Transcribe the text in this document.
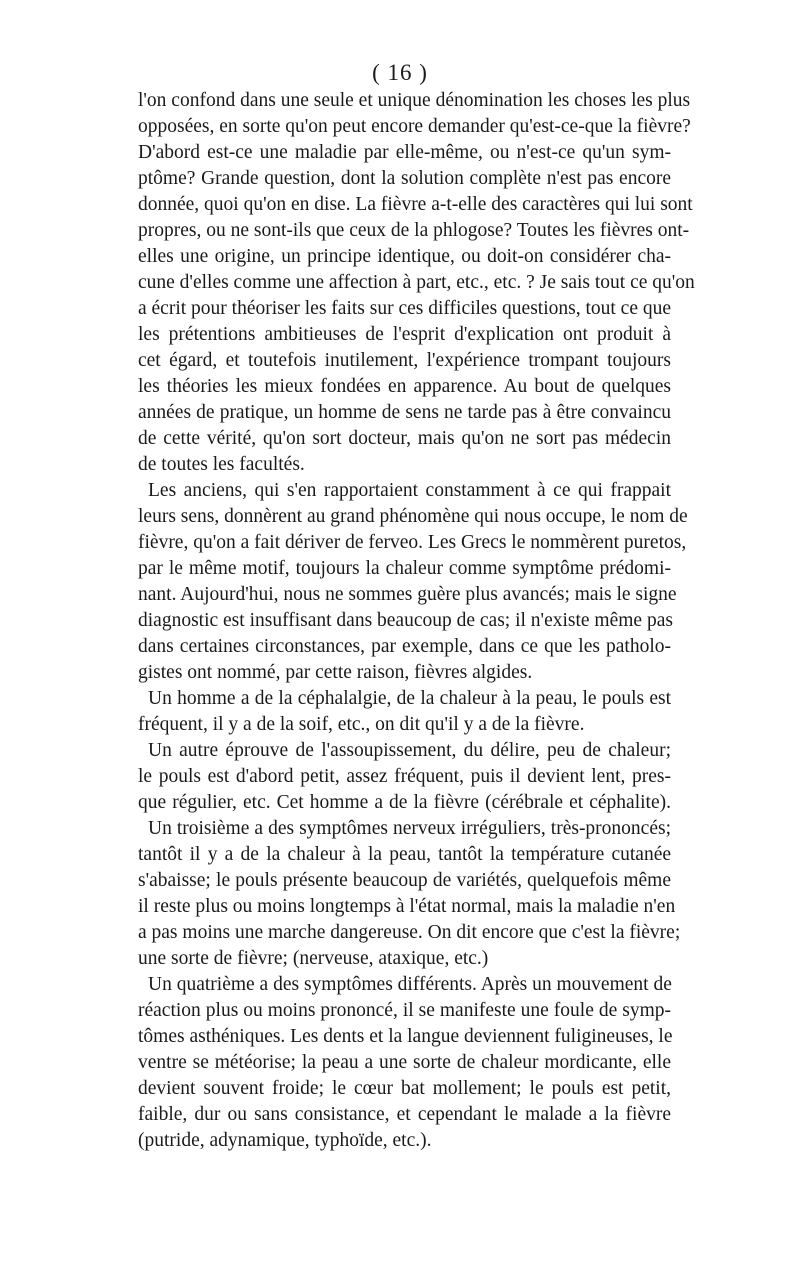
( 16 )
l'on confond dans une seule et unique dénomination les choses les plus
opposées, en sorte qu'on peut encore demander qu'est-ce-que la fièvre?
D'abord est-ce une maladie par elle-même, ou n'est-ce qu'un sym-
ptôme? Grande question, dont la solution complète n'est pas encore
donnée, quoi qu'on en dise. La fièvre a-t-elle des caractères qui lui sont
propres, ou ne sont-ils que ceux de la phlogose? Toutes les fièvres ont-
elles une origine, un principe identique, ou doit-on considérer cha-
cune d'elles comme une affection à part, etc., etc. ? Je sais tout ce qu'on
a écrit pour théoriser les faits sur ces difficiles questions, tout ce que
les prétentions ambitieuses de l'esprit d'explication ont produit à
cet égard, et toutefois inutilement, l'expérience trompant toujours
les théories les mieux fondées en apparence. Au bout de quelques
années de pratique, un homme de sens ne tarde pas à être convaincu
de cette vérité, qu'on sort docteur, mais qu'on ne sort pas médecin
de toutes les facultés.
Les anciens, qui s'en rapportaient constamment à ce qui frappait
leurs sens, donnèrent au grand phénomène qui nous occupe, le nom de
fièvre, qu'on a fait dériver de ferveo. Les Grecs le nommèrent puretos,
par le même motif, toujours la chaleur comme symptôme prédomi-
nant. Aujourd'hui, nous ne sommes guère plus avancés; mais le signe
diagnostic est insuffisant dans beaucoup de cas; il n'existe même pas
dans certaines circonstances, par exemple, dans ce que les patholo-
gistes ont nommé, par cette raison, fièvres algides.
Un homme a de la céphalalgie, de la chaleur à la peau, le pouls est
fréquent, il y a de la soif, etc., on dit qu'il y a de la fièvre.
Un autre éprouve de l'assoupissement, du délire, peu de chaleur;
le pouls est d'abord petit, assez fréquent, puis il devient lent, pres-
que régulier, etc. Cet homme a de la fièvre (cérébrale et céphalite).
Un troisième a des symptômes nerveux irréguliers, très-prononcés;
tantôt il y a de la chaleur à la peau, tantôt la température cutanée
s'abaisse; le pouls présente beaucoup de variétés, quelquefois même
il reste plus ou moins longtemps à l'état normal, mais la maladie n'en
a pas moins une marche dangereuse. On dit encore que c'est la fièvre;
une sorte de fièvre; (nerveuse, ataxique, etc.)
Un quatrième a des symptômes différents. Après un mouvement de
réaction plus ou moins prononcé, il se manifeste une foule de symp-
tômes asthéniques. Les dents et la langue deviennent fuligineuses, le
ventre se météorise; la peau a une sorte de chaleur mordicante, elle
devient souvent froide; le cœur bat mollement; le pouls est petit,
faible, dur ou sans consistance, et cependant le malade a la fièvre
(putride, adynamique, typhoïde, etc.).
